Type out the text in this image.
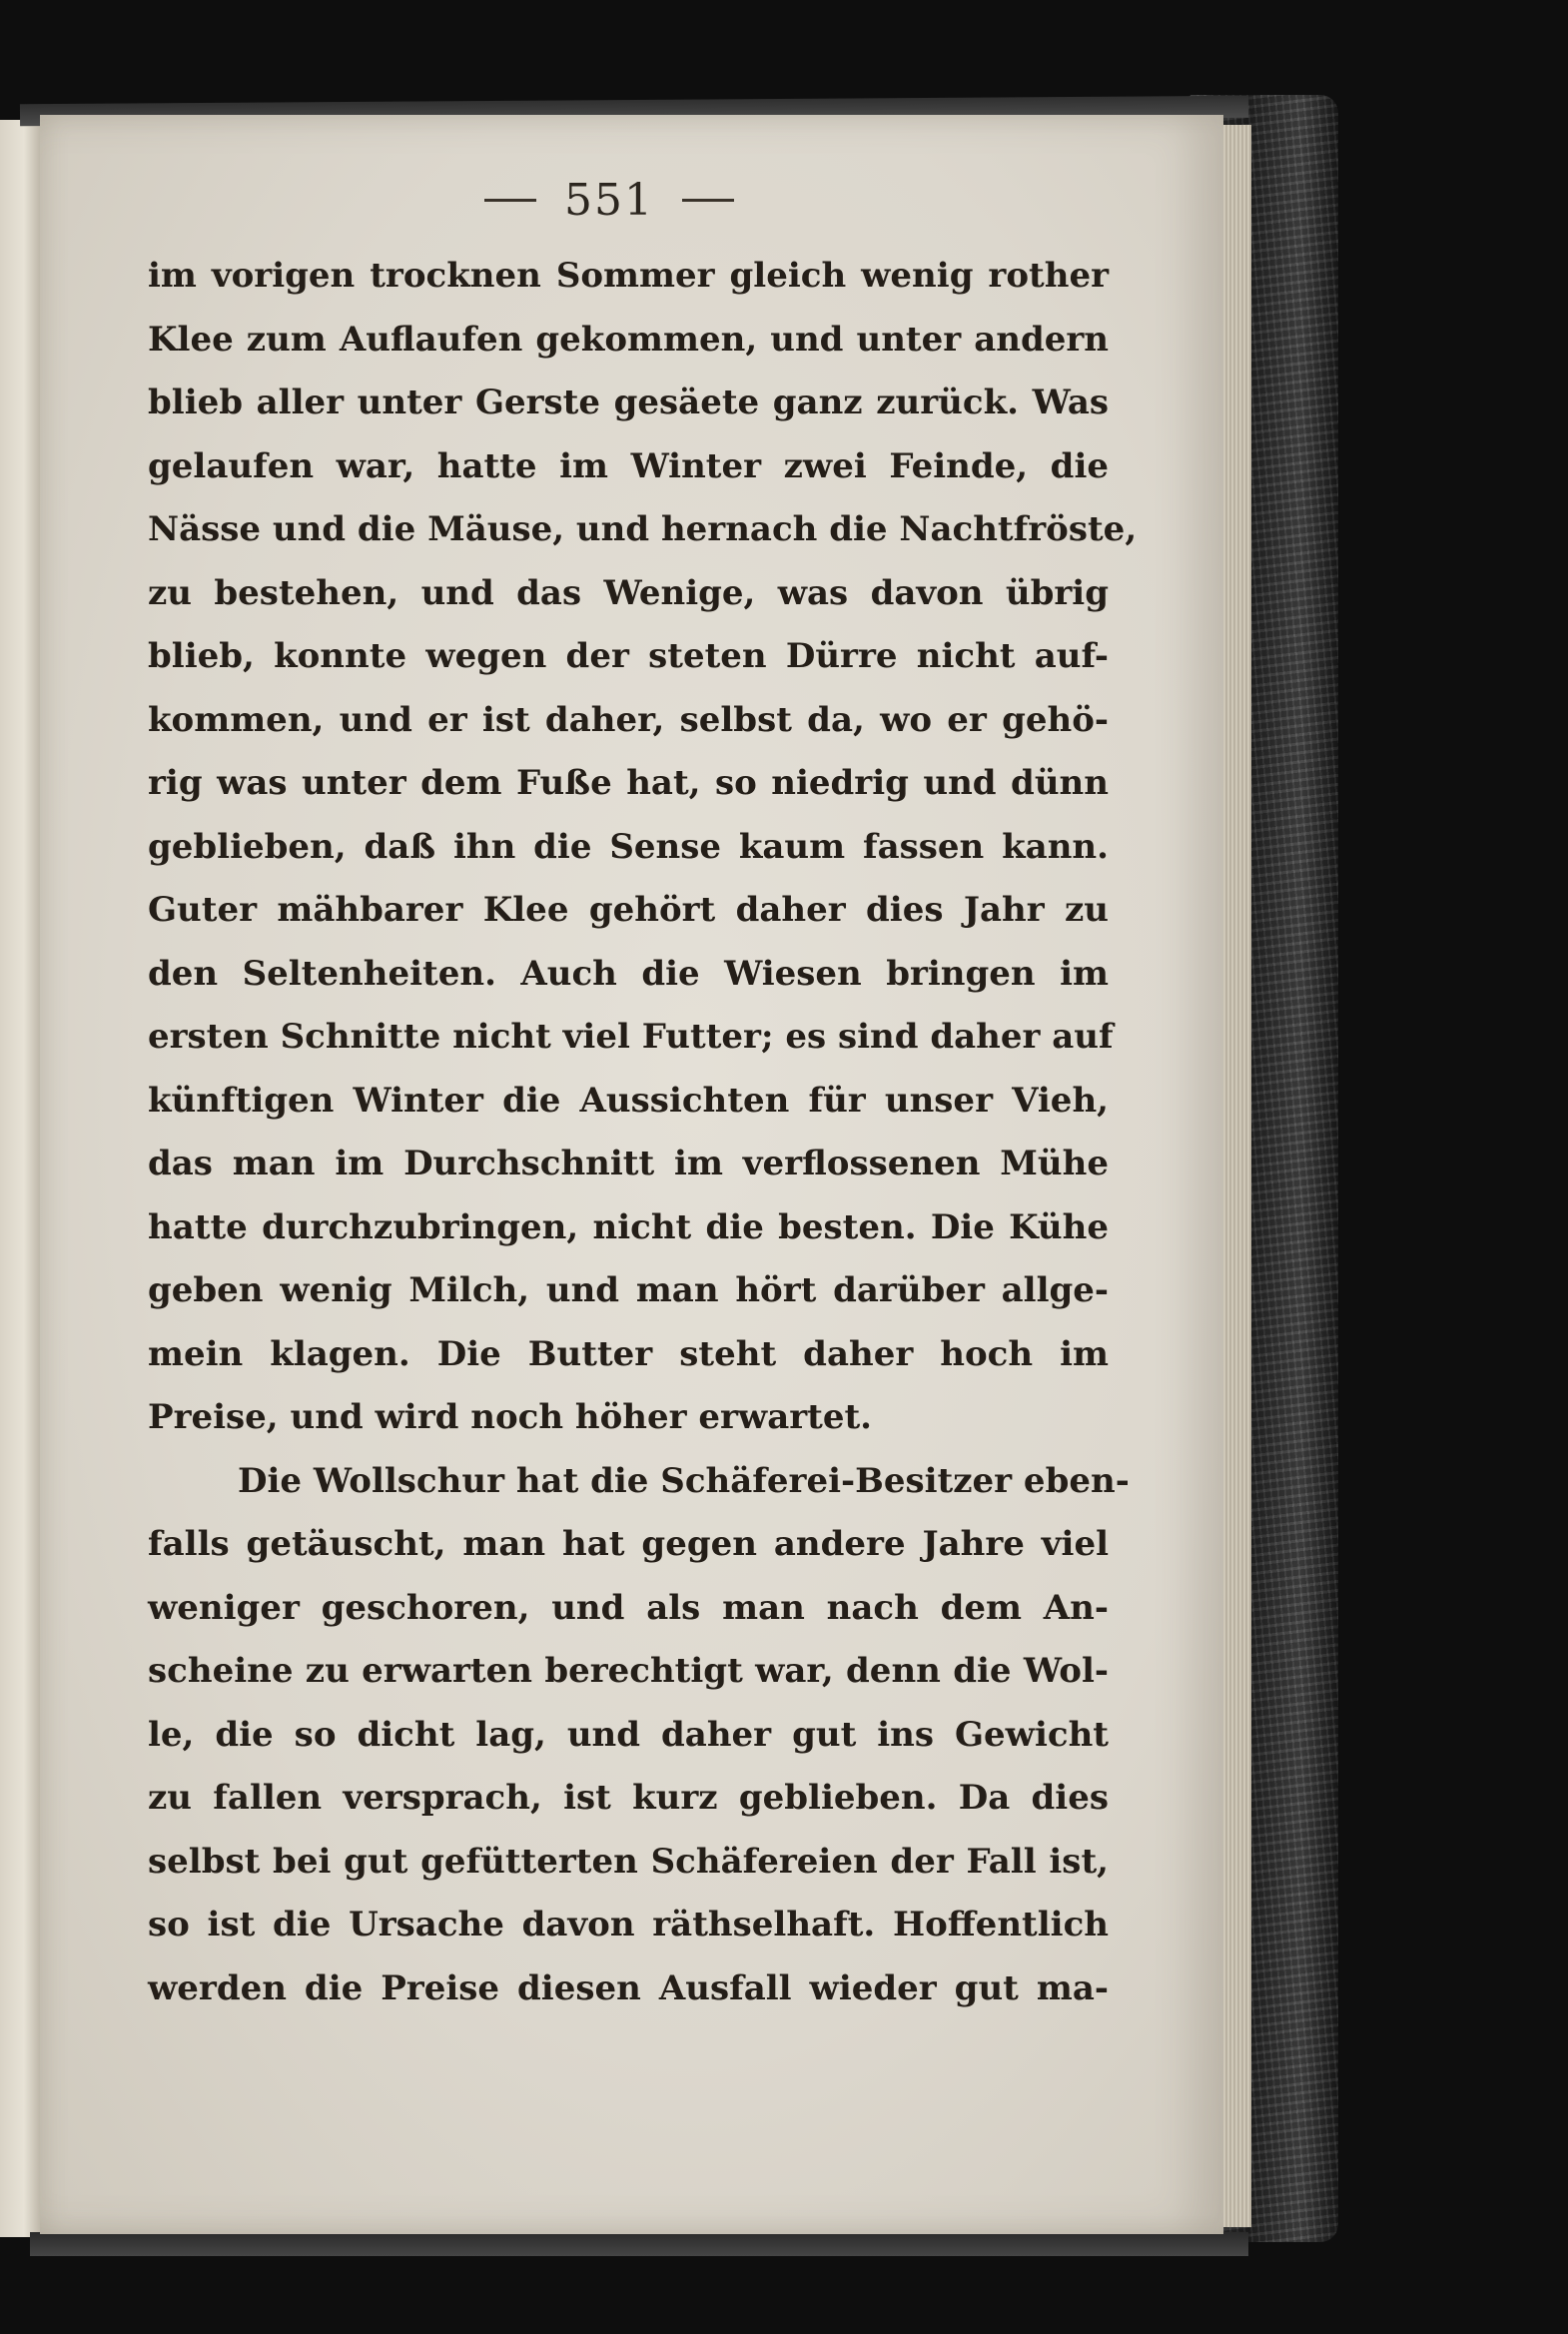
551
im vorigen trocknen Sommer gleich wenig rother
Klee zum Auflaufen gekommen, und unter andern
blieb aller unter Gerste gesäete ganz zurück. Was
gelaufen war, hatte im Winter zwei Feinde, die
Nässe und die Mäuse, und hernach die Nachtfröste,
zu bestehen, und das Wenige, was davon übrig
blieb, konnte wegen der steten Dürre nicht auf-
kommen, und er ist daher, selbst da, wo er gehö-
rig was unter dem Fuße hat, so niedrig und dünn
geblieben, daß ihn die Sense kaum fassen kann.
Guter mähbarer Klee gehört daher dies Jahr zu
den Seltenheiten. Auch die Wiesen bringen im
ersten Schnitte nicht viel Futter; es sind daher auf
künftigen Winter die Aussichten für unser Vieh,
das man im Durchschnitt im verflossenen Mühe
hatte durchzubringen, nicht die besten. Die Kühe
geben wenig Milch, und man hört darüber allge-
mein klagen. Die Butter steht daher hoch im
Preise, und wird noch höher erwartet.
Die Wollschur hat die Schäferei-Besitzer eben-
falls getäuscht, man hat gegen andere Jahre viel
weniger geschoren, und als man nach dem An-
scheine zu erwarten berechtigt war, denn die Wol-
le, die so dicht lag, und daher gut ins Gewicht
zu fallen versprach, ist kurz geblieben. Da dies
selbst bei gut gefütterten Schäfereien der Fall ist,
so ist die Ursache davon räthselhaft. Hoffentlich
werden die Preise diesen Ausfall wieder gut ma-
